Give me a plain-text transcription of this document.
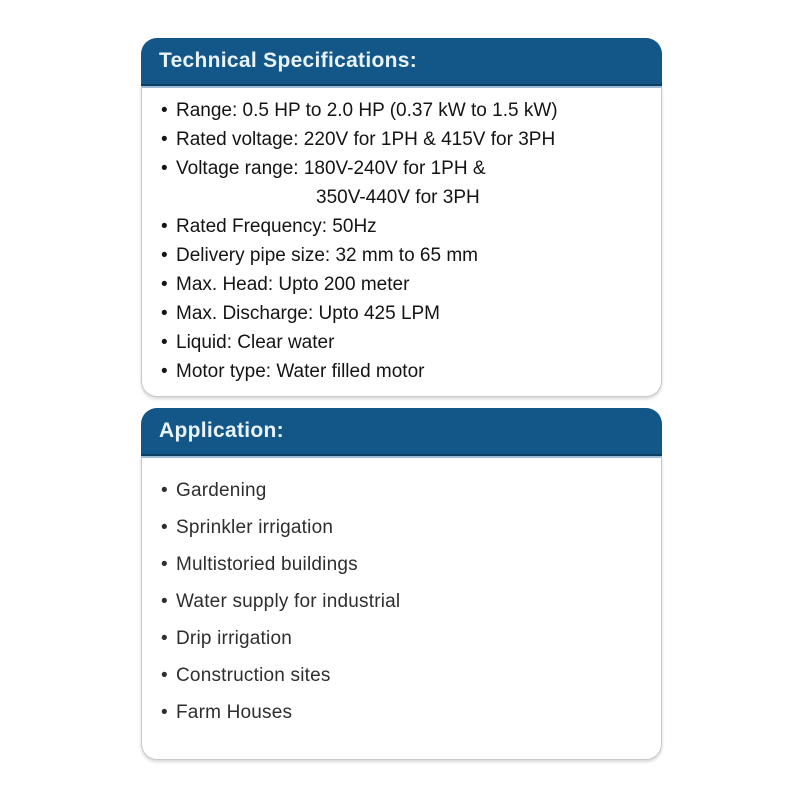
Technical Specifications:
• Range: 0.5 HP to 2.0 HP (0.37 kW to 1.5 kW)
• Rated voltage: 220V for 1PH & 415V for 3PH
• Voltage range: 180V-240V for 1PH &
350V-440V for 3PH
• Rated Frequency: 50Hz
• Delivery pipe size: 32 mm to 65 mm
• Max. Head: Upto 200 meter
• Max. Discharge: Upto 425 LPM
• Liquid: Clear water
• Motor type: Water filled motor
Application:
• Gardening
• Sprinkler irrigation
• Multistoried buildings
• Water supply for industrial
• Drip irrigation
• Construction sites
• Farm Houses
